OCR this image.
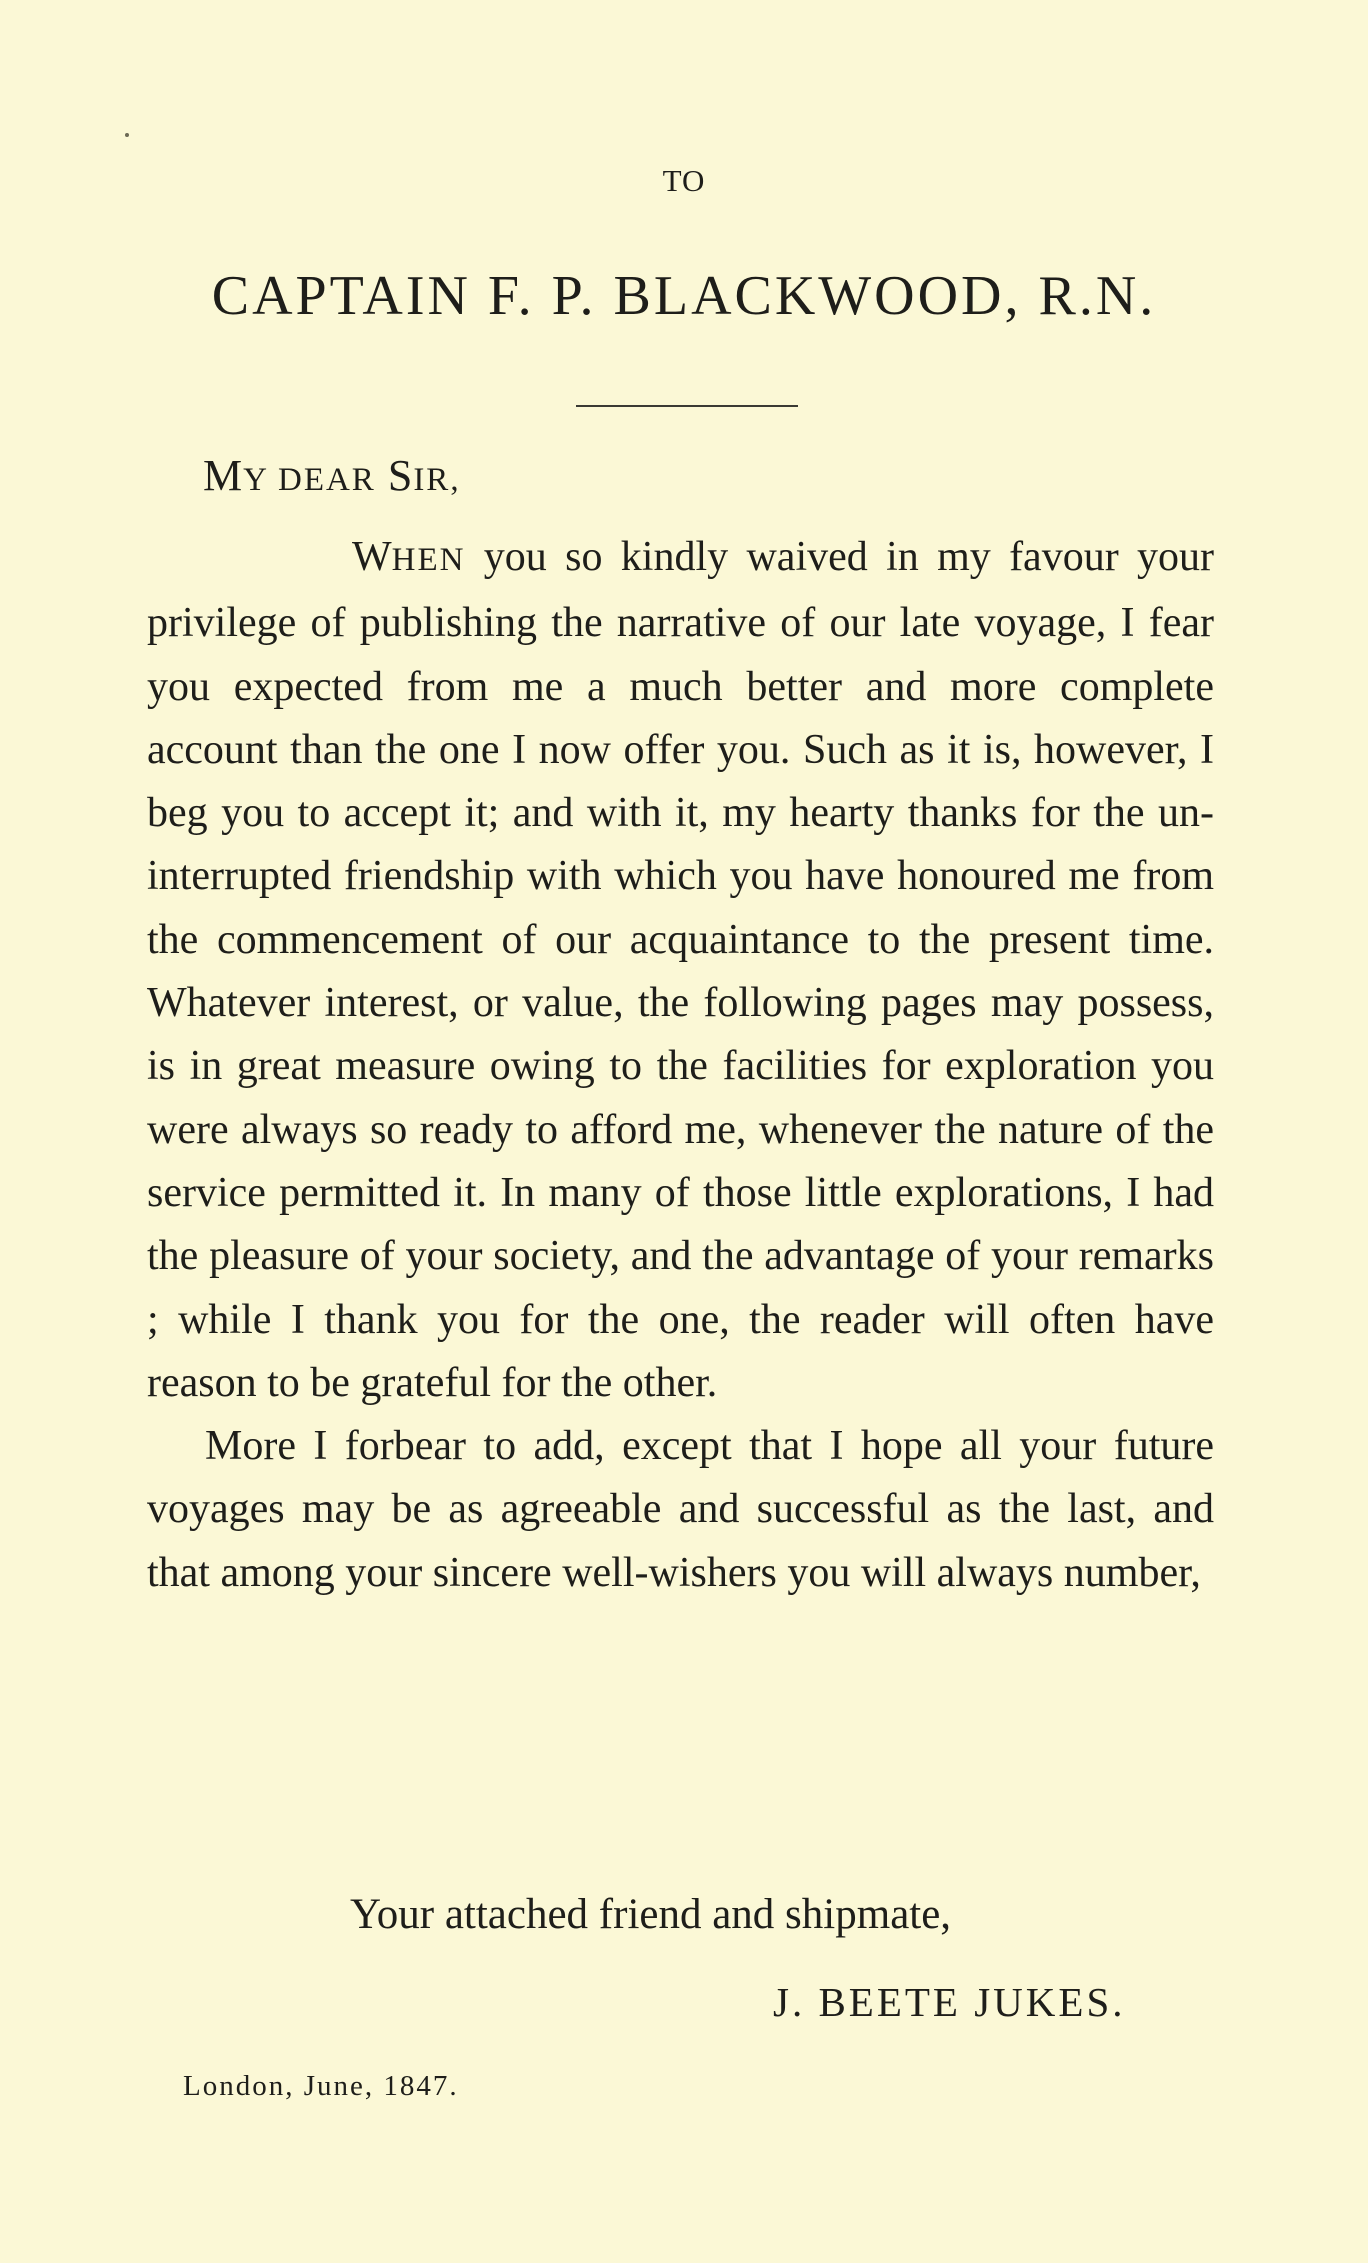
TO
CAPTAIN F. P. BLACKWOOD, R.N.
MY DEAR SIR,

WHEN you so kindly waived in my favour your privilege of publishing the narrative of our late voyage, I fear you expected from me a much better and more complete account than the one I now offer you. Such as it is, however, I beg you to accept it; and with it, my hearty thanks for the uninterrupted friendship with which you have honoured me from the commencement of our acquaintance to the present time. Whatever interest, or value, the following pages may possess, is in great measure owing to the facilities for exploration you were always so ready to afford me, whenever the nature of the service permitted it. In many of those little explorations, I had the pleasure of your society, and the advantage of your remarks ; while I thank you for the one, the reader will often have reason to be grateful for the other.

More I forbear to add, except that I hope all your future voyages may be as agreeable and successful as the last, and that among your sincere well-wishers you will always number,

Your attached friend and shipmate,
J. BEETE JUKES.
London, June, 1847.
